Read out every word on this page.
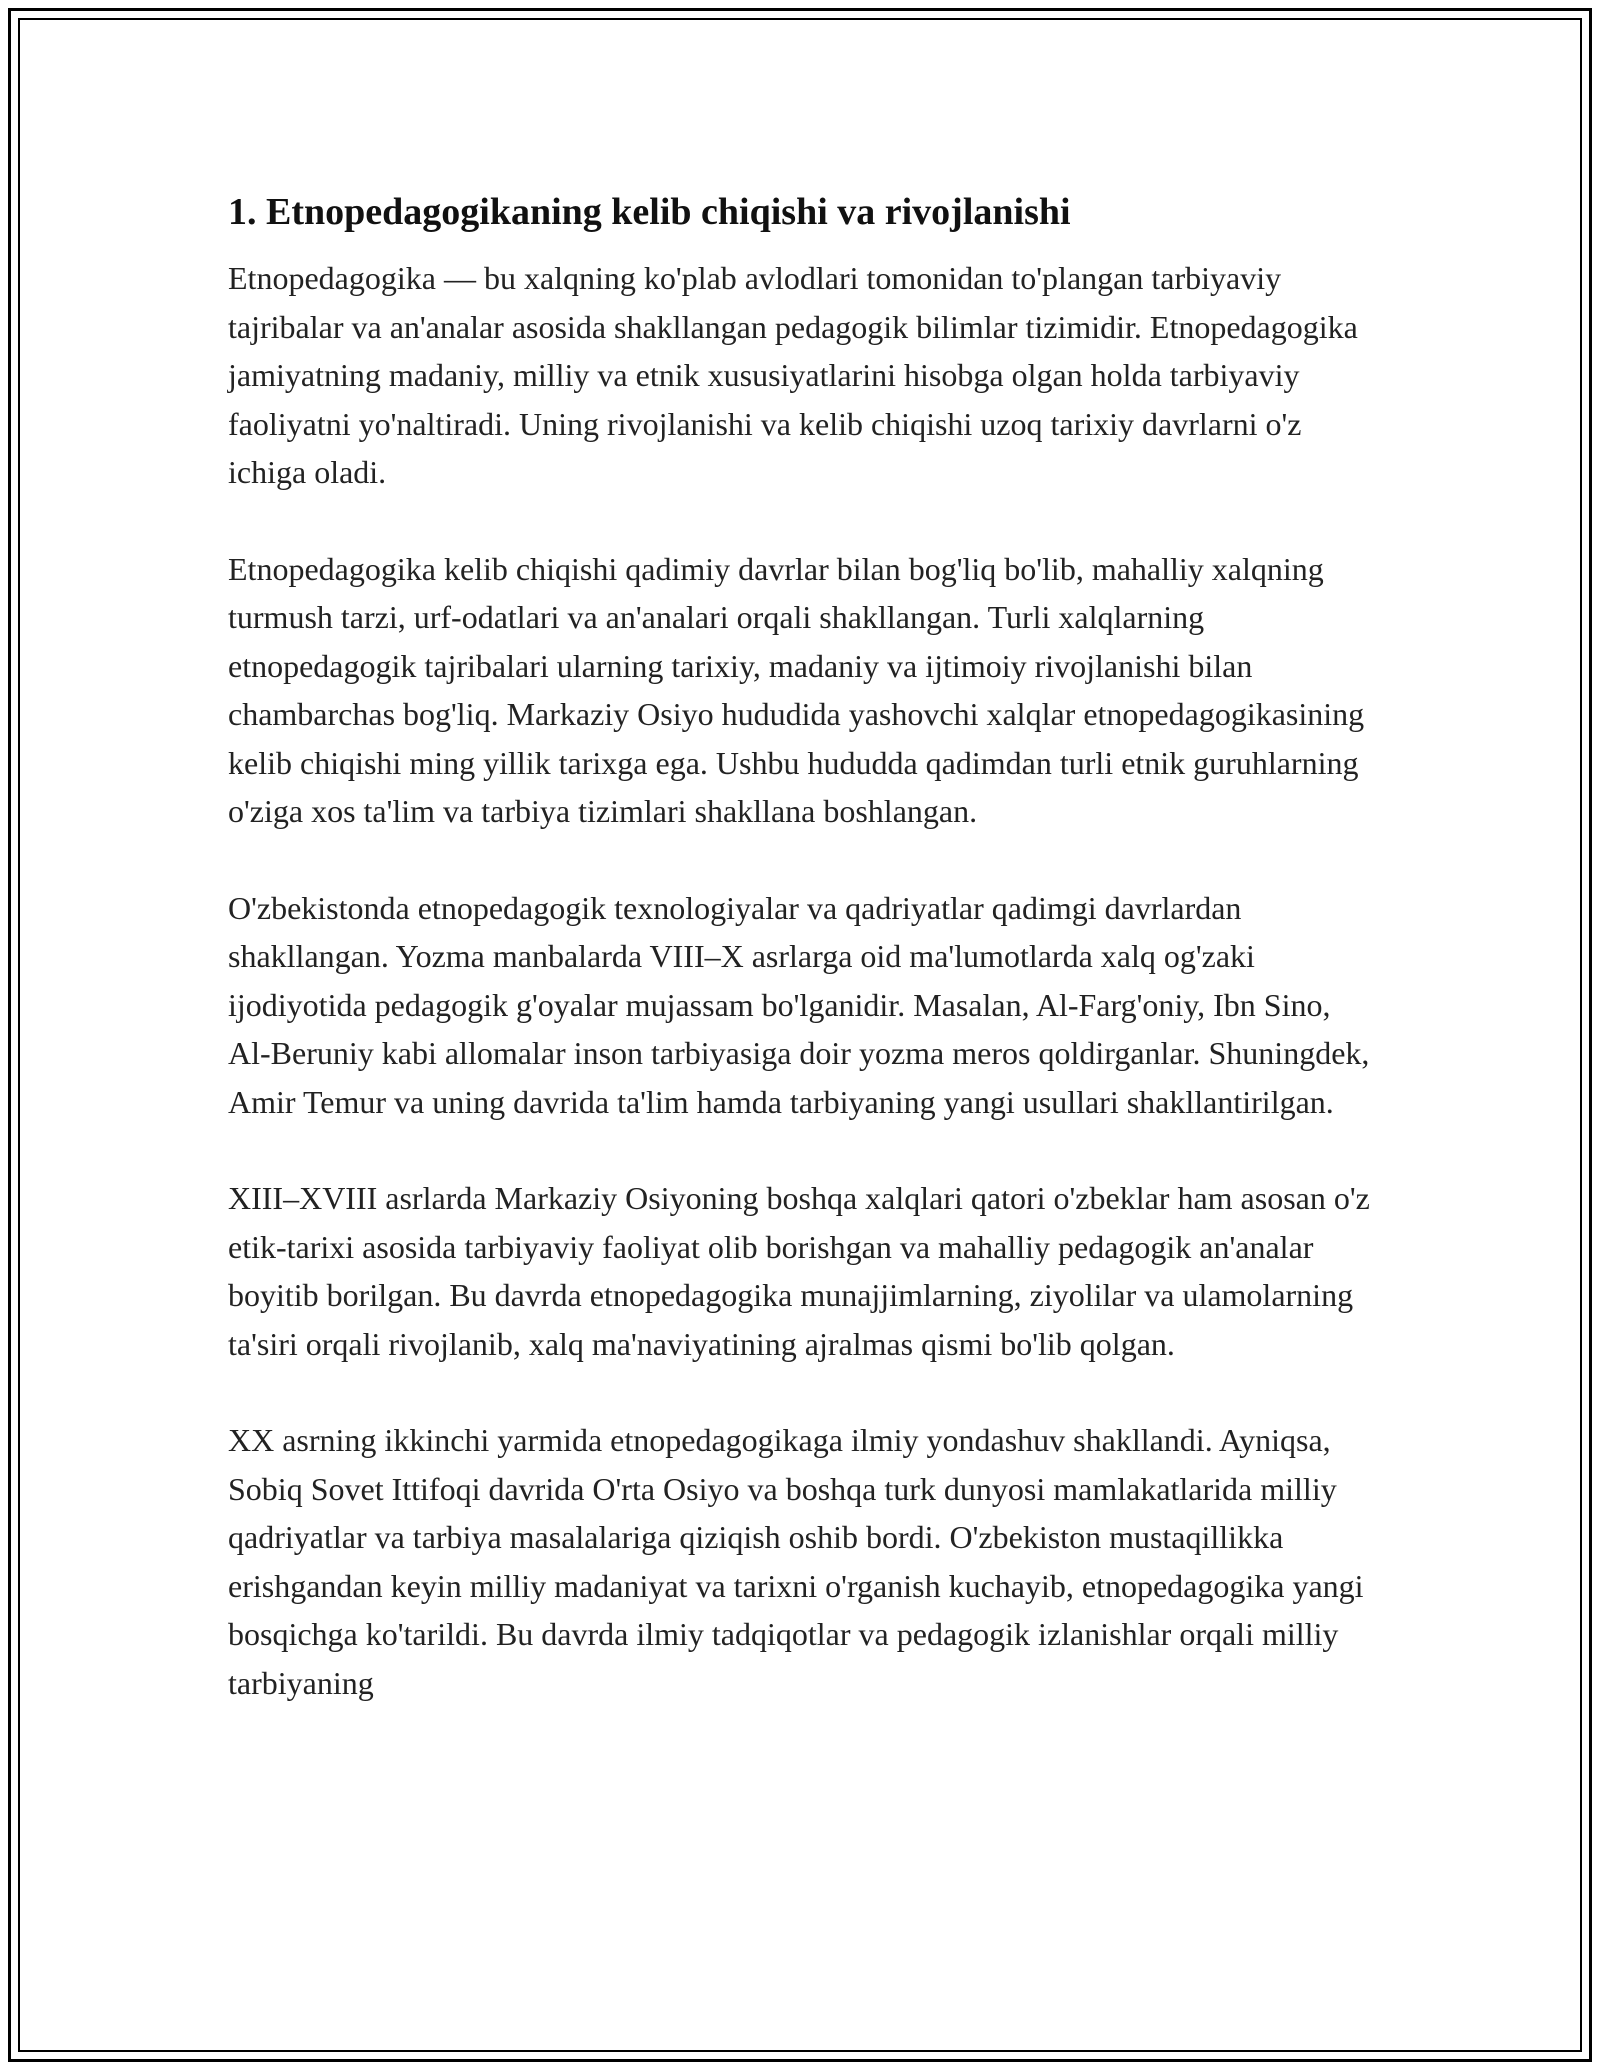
1. Etnopedagogikaning kelib chiqishi va rivojlanishi

Etnopedagogika — bu xalqning ko'plab avlodlari tomonidan to'plangan tarbiyaviy tajribalar va an'analar asosida shakllangan pedagogik bilimlar tizimidir. Etnopedagogika jamiyatning madaniy, milliy va etnik xususiyatlarini hisobga olgan holda tarbiyaviy faoliyatni yo'naltiradi. Uning rivojlanishi va kelib chiqishi uzoq tarixiy davrlarni o'z ichiga oladi.

Etnopedagogika kelib chiqishi qadimiy davrlar bilan bog'liq bo'lib, mahalliy xalqning turmush tarzi, urf-odatlari va an'analari orqali shakllangan. Turli xalqlarning etnopedagogik tajribalari ularning tarixiy, madaniy va ijtimoiy rivojlanishi bilan chambarchas bog'liq. Markaziy Osiyo hududida yashovchi xalqlar etnopedagogikasining kelib chiqishi ming yillik tarixga ega. Ushbu hududda qadimdan turli etnik guruhlarning o'ziga xos ta'lim va tarbiya tizimlari shakllana boshlangan.

O'zbekistonda etnopedagogik texnologiyalar va qadriyatlar qadimgi davrlardan shakllangan. Yozma manbalarda VIII–X asrlarga oid ma'lumotlarda xalq og'zaki ijodiyotida pedagogik g'oyalar mujassam bo'lganidir. Masalan, Al-Farg'oniy, Ibn Sino, Al-Beruniy kabi allomalar inson tarbiyasiga doir yozma meros qoldirganlar. Shuningdek, Amir Temur va uning davrida ta'lim hamda tarbiyaning yangi usullari shakllantirilgan.

XIII–XVIII asrlarda Markaziy Osiyoning boshqa xalqlari qatori o'zbeklar ham asosan o'z etik-tarixi asosida tarbiyaviy faoliyat olib borishgan va mahalliy pedagogik an'analar boyitib borilgan. Bu davrda etnopedagogika munajjimlarning, ziyolilar va ulamolarning ta'siri orqali rivojlanib, xalq ma'naviyatining ajralmas qismi bo'lib qolgan.

XX asrning ikkinchi yarmida etnopedagogikaga ilmiy yondashuv shakllandi. Ayniqsa, Sobiq Sovet Ittifoqi davrida O'rta Osiyo va boshqa turk dunyosi mamlakatlarida milliy qadriyatlar va tarbiya masalalariga qiziqish oshib bordi. O'zbekiston mustaqillikka erishgandan keyin milliy madaniyat va tarixni o'rganish kuchayib, etnopedagogika yangi bosqichga ko'tarildi. Bu davrda ilmiy tadqiqotlar va pedagogik izlanishlar orqali milliy tarbiyaning
